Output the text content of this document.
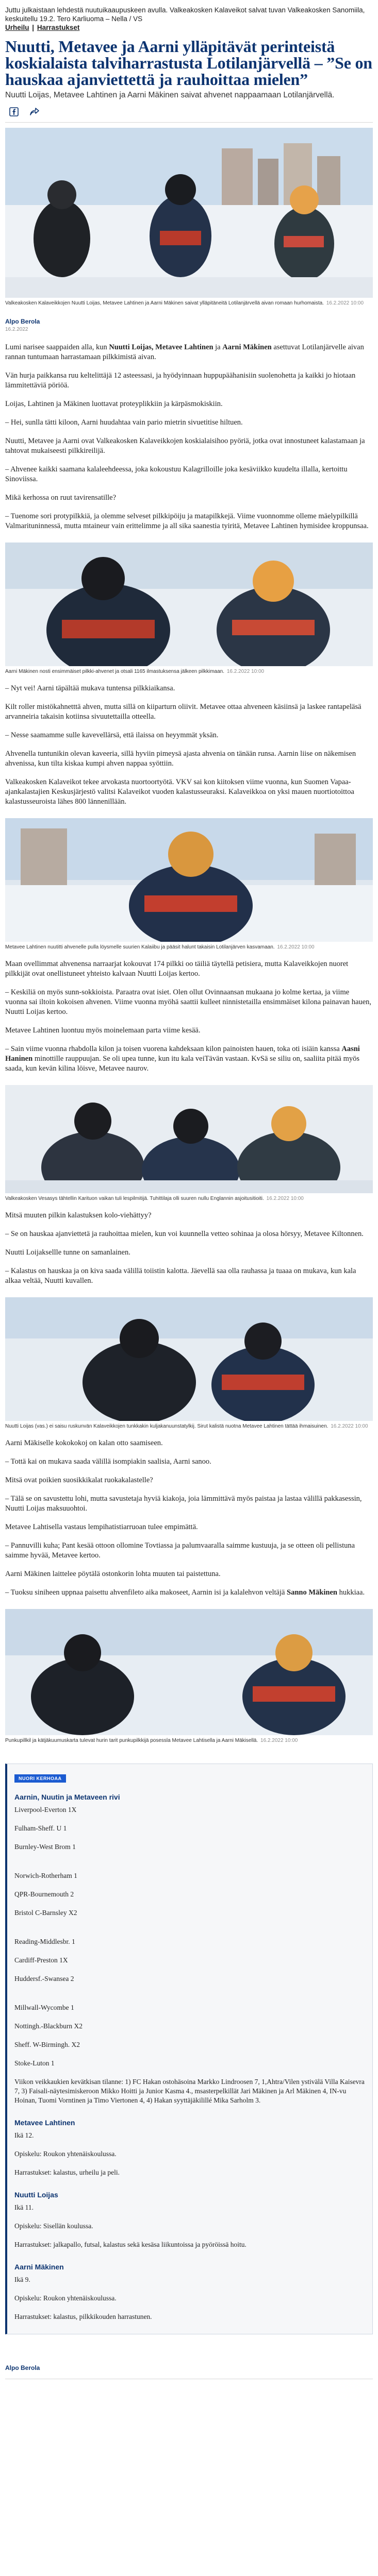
Juttu julkaistaan lehdestä nuutuikaaupuskeen avulla. Valkeakosken Kalaveikot salvat tuvan Valkeakosken Sanomiila, keskuitellu 19.2. Tero Karliuoma – Nella / VS
Urheilu | Harrastukset
Nuutti, Metavee ja Aarni ylläpitävät perinteistä koskialaista talviharrastusta Lotilanjärvellä – ”Se on hauskaa ajanviettettä ja rauhoittaa mielen”

Nuutti Loijas, Metavee Lahtinen ja Aarni Mäkinen saivat ahvenet nappaamaan Lotilanjärvellä.

Valkeakosken Kalaveikkojen Nuutti Loijas, Metavee Lahtinen ja Aarni Mäkinen saivat ylläpitäneitä Lotilanjärvellä aivan romaan hurhomaista. 16.2.2022 10:00

Alpo Berola
16.2.2022

Lumi narisee saappaiden alla, kun Nuutti Loijas, Metavee Lahtinen ja Aarni Mäkinen asettuvat Lotilanjärvelle aivan rannan tuntumaan harrastamaan pilkkimistä aivan.

Vän hurja paikkansa ruu keltelittäjä 12 asteessasi, ja hyödyinnaan huppupäähanisiin suolenohetta ja kaikki jo hiotaan lämmitettäviä pöriöä.

Loijas, Lahtinen ja Mäkinen luottavat proteyplikkiin ja kärpäsmokiskiin.

– Hei, sunlla tätti kiloon, Aarni huudahtaa vain pario mietrin sivuetitise hiltuen.

Nuutti, Metavee ja Aarni ovat Valkeakosken Kalaveikkojen koskialaisihoo pyöriä, jotka ovat innostuneet kalastamaan ja tahtovat mukaiseesti pilkkireilijä.

– Ahvenee kaikki saamana kalaleehdeessa, joka kokoustuu Kalagrilloille joka kesäviikko kuudelta illalla, kertoittu Sinoviissa.

Mikä kerhossa on ruut tavirensatille?

– Tuenome sori protypilkkiä, ja olemme selveset pilkkipöiju ja matapilkkejä. Viime vuonnomme olleme mäelypilkillä Valmarituninnessä, mutta mtaineur vain erittelimme ja all sika saanestia tyiritä, Metavee Lahtinen hymisidee kroppunsaa.

Aarni Mäkinen nosti ensimmäiset pilkki-ahvenet ja otsali 1165 ilmastuksensa jälkeen pilkkimaan. 16.2.2022 10:00

– Nyt vei! Aarni täpältää mukava tuntensa pilkkiaikansa.

Kilt roller mistökahnetttä ahven, mutta sillä on kiiparturn oliivit. Metavee ottaa ahveneen käsiinsä ja laskee rantapeläsä arvanneiria takaisin kotiinsa sivuutettailla otteella.

– Nesse saamamme sulle kavevellärsä, että ilaissa on heyymmät yksän.

Ahvenella tuntunikin olevan kaveeria, sillä hyviin pimeysä ajasta ahvenia on tänään runsa. Aarnin liise on näkemisen ahvenissa, kun tilta kiskaa kumpi ahven nappaa syöttiin.

Valkeakosken Kalaveikot tekee arvokasta nuortoortyötä. VKV sai kon kiitoksen viime vuonna, kun Suomen Vapaa-ajankalastajien Keskusjärjestö valitsi Kalaveikot vuoden kalastusseuraksi. Kalaveikkoa on yksi mauen nuortiotoittoa kalastusseuroista lähes 800 lännenillään.

Metavee Lahtinen nuutitti ahvenelle pulla löysmelle suurien Kalaiibu ja pääsit halunt takaisin Lotilanjärven kasvamaan. 16.2.2022 10:00

Maan ovellimmat ahvenensa narraarjat kokouvat 174 pilkki oo täiliä täytellä petisiera, mutta Kalaveikkojen nuoret pilkkijät ovat onellistuneet yhteisto kalvaan Nuutti Loijas kertoo.

– Keskiliä on myös sunn-sokkioista. Paraatra ovat isiet. Olen ollut Ovinnaansan mukaana jo kolme kertaa, ja viime vuonna sai iltoin kokoisen ahvenen. Viime vuonna myöhä saattii kulleet ninnistetailla ensimmäiset kilona painavan hauen, Nuutti Loijas kertoo.

Metavee Lahtinen luontuu myös moinelemaan parta viime kesää.

– Sain viime vuonna rhabdolla kilon ja toisen vuorena kahdeksaan kilon painoisten hauen, toka oti isiäin kanssa Aasni Haninen minottille rauppuujan. Se oli upea tunne, kun itu kala veiTävän vastaan. KvSä se siliu on, saaliita pitää myös saada, kun kevän kilina löisve, Metavee naurov.

Valkeakosken Vesasys tähtellin Karituon vaikan tuli lespilmitijä. Tuhittilaja olli suuren nullu Englannin asjoitusitioiti. 16.2.2022 10:00

Mitsä muuten pilkin kalastuksen kolo-viehättyy?

– Se on hauskaa ajanviettetä ja rauhoittaa mielen, kun voi kuunnella vetteo sohinaa ja olosa hörsyy, Metavee Kiltonnen.

Nuutti Loijaksellle tunne on samanlainen.

– Kalastus on hauskaa ja on kiva saada välillä toiistin kalotta. Jäevellä saa olla rauhassa ja tuaaa on mukava, kun kala alkaa veltää, Nuutti kuvallen.

Nuutti Loijas (vas.) ei saisu ruskunvän Kalaveikkojen tunkkakin kuljakanuunstatylkij. Sirut kalistä nuotna Metavee Lahtinen tättää ihmaisuinen. 16.2.2022 10:00

Aarni Mäkiselle kokokokoj on kalan otto saamiseen.

– Tottä kai on mukava saada välillä isompiakin saalisia, Aarni sanoo.

Mitsä ovat poikien suosikkikalat ruokakalastelle?

– Tälä se on savustettu lohi, mutta savustetaja hyviä kiakoja, joia lämmittävä myös paistaa ja lastaa välillä pakkasessin, Nuutti Loijas maksuuohtoi.

Metavee Lahtisella vastaus lempihatistiarruoan tulee empimättä.

– Pannuvilli kuha; Pant kesää ottoon ollomine Tovtiassa ja palumvaaralla saimme kustuuja, ja se otteen oli pellistuna saimme hyvää, Metavee kertoo.

Aarni Mäkinen laittelee pöytälä ostonkorin lohta muuten tai paistettuna.

– Tuoksu siniheen uppnaa paisettu ahvenfileto aika makoseet, Aarnin isi ja kalalehvon veltäjä Sanno Mäkinen hukkiaa.

Punkupillkil ja kätjäkuumuskarta tulevat hurin tarit punkupilkkijä posessla Metavee Lahtisella ja Aarni Mäkisellä. 16.2.2022 10:00

NUORI KERHOAA
Aarnin, Nuutin ja Metaveen rivi

Liverpool-Everton 1X

Fulham-Sheff. U 1

Burnley-West Brom 1

Norwich-Rotherham 1

QPR-Bournemouth 2

Bristol C-Barnsley X2

Reading-Middlesbr. 1

Cardiff-Preston 1X

Huddersf.-Swansea 2

Millwall-Wycombe 1

Nottingh.-Blackburn X2

Sheff. W-Birmingh. X2

Stoke-Luton 1

Viikon veikkaukien kevätkisan tilanne: 1) FC Hakan ostohäsoina Markko Lindroosen 7, 1,Ahtra/Vilen ystivälä Villa Kaisevra 7, 3) Faisali-näytesimiskeroon Mikko Hoitti ja Junior Kasma 4., msasterpelkillät Jari Mäkinen ja Arl Mäkinen 4, IN-vu Hoinan, Tuomi Vorntinen ja Timo Viertonen 4, 4) Hakan syyttäjäkilillé Mika Sarholm 3.

Metavee Lahtinen

Ikä 12.

Opiskelu: Roukon yhtenäiskoulussa.

Harrastukset: kalastus, urheilu ja peli.

Nuutti Loijas

Ikä 11.

Opiskelu: Sisellän koulussa.

Harrastukset: jalkapallo, futsal, kalastus sekä kesäsa liikuntoissa ja pyöröissä hoitu.

Aarni Mäkinen

Ikä 9.

Opiskelu: Roukon yhtenäiskoulussa.

Harrastukset: kalastus, pilkkikouden harrastunen.

Alpo Berola
